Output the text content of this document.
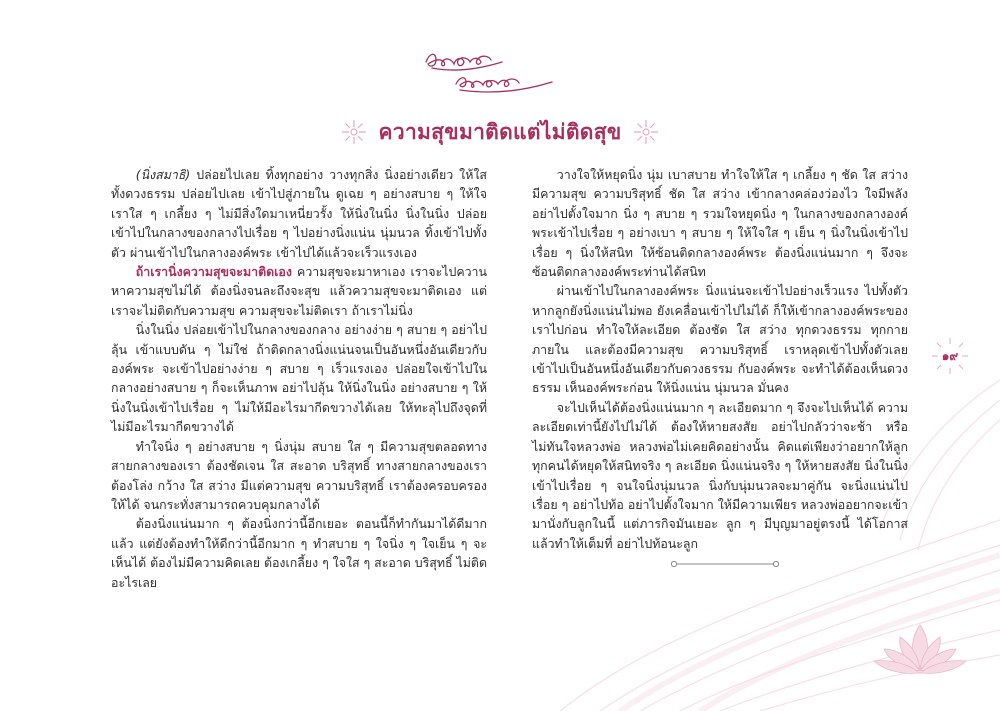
ความสุขมาติดแต่ไม่ติดสุข

(นิ่งสมาธิ) ปล่อยไปเลย ทิ้งทุกอย่าง วางทุกสิ่ง นิ่งอย่างเดียว ให้ใสทั้งดวงธรรม ปล่อยไปเลย เข้าไปสู่ภายใน ดูเฉย ๆ อย่างสบาย ๆ ให้ใจเราใส ๆ เกลี้ยง ๆ ไม่มีสิ่งใดมาเหนี่ยวรั้ง ให้นิ่งในนิ่ง นิ่งในนิ่ง ปล่อยเข้าไปในกลางของกลางไปเรื่อย ๆ ไปอย่างนิ่งแน่น นุ่มนวล ทิ้งเข้าไปทั้งตัว ผ่านเข้าไปในกลางองค์พระ เข้าไปได้แล้วจะเร็วแรงเอง

ถ้าเรานิ่งความสุขจะมาติดเอง ความสุขจะมาหาเอง เราจะไปควานหาความสุขไม่ได้ ต้องนิ่งจนละถึงจะสุข แล้วความสุขจะมาติดเอง แต่เราจะไม่ติดกับความสุข ความสุขจะไม่ติดเรา ถ้าเราไม่นิ่ง

นิ่งในนิ่ง ปล่อยเข้าไปในกลางของกลาง อย่างง่าย ๆ สบาย ๆ อย่าไปลุ้น เข้าแบบดัน ๆ ไม่ใช่ ถ้าติดกลางนิ่งแน่นจนเป็นอันหนึ่งอันเดียวกับองค์พระ จะเข้าไปอย่างง่าย ๆ สบาย ๆ เร็วแรงเอง ปล่อยใจเข้าไปในกลางอย่างสบาย ๆ ก็จะเห็นภาพ อย่าไปลุ้น ให้นิ่งในนิ่ง อย่างสบาย ๆ ให้นิ่งในนิ่งเข้าไปเรื่อย ๆ ไม่ให้มีอะไรมากีดขวางได้เลย ให้ทะลุไปถึงจุดที่ไม่มีอะไรมากีดขวางได้

ทำใจนิ่ง ๆ อย่างสบาย ๆ นิ่งนุ่ม สบาย ใส ๆ มีความสุขตลอดทางสายกลางของเรา ต้องชัดเจน ใส สะอาด บริสุทธิ์ ทางสายกลางของเราต้องโล่ง กว้าง ใส สว่าง มีแต่ความสุข ความบริสุทธิ์ เราต้องครอบครองให้ได้ จนกระทั่งสามารถควบคุมกลางได้

ต้องนิ่งแน่นมาก ๆ ต้องนิ่งกว่านี้อีกเยอะ ตอนนี้ก็ทำกันมาได้ดีมากแล้ว แต่ยังต้องทำให้ดีกว่านี้อีกมาก ๆ ทำสบาย ๆ ใจนิ่ง ๆ ใจเย็น ๆ จะเห็นได้ ต้องไม่มีความคิดเลย ต้องเกลี้ยง ๆ ใจใส ๆ สะอาด บริสุทธิ์ ไม่ติดอะไรเลย

วางใจให้หยุดนิ่ง นุ่ม เบาสบาย ทำใจให้ใส ๆ เกลี้ยง ๆ ชัด ใส สว่าง มีความสุข ความบริสุทธิ์ ชัด ใส สว่าง เข้ากลางคล่องว่องไว ใจมีพลัง อย่าไปตั้งใจมาก นิ่ง ๆ สบาย ๆ รวมใจหยุดนิ่ง ๆ ในกลางของกลางองค์พระเข้าไปเรื่อย ๆ อย่างเบา ๆ สบาย ๆ ให้ใจใส ๆ เย็น ๆ นิ่งในนิ่งเข้าไปเรื่อย ๆ นิ่งให้สนิท ให้ซ้อนติดกลางองค์พระ ต้องนิ่งแน่นมาก ๆ จึงจะซ้อนติดกลางองค์พระท่านได้สนิท

ผ่านเข้าไปในกลางองค์พระ นิ่งแน่นจะเข้าไปอย่างเร็วแรง ไปทั้งตัว หากลูกยังนิ่งแน่นไม่พอ ยังเคลื่อนเข้าไปไม่ได้ ก็ให้เข้ากลางองค์พระของเราไปก่อน ทำใจให้ละเอียด ต้องชัด ใส สว่าง ทุกดวงธรรม ทุกกายภายใน และต้องมีความสุข ความบริสุทธิ์ เราหลุดเข้าไปทั้งตัวเลย เข้าไปเป็นอันหนึ่งอันเดียวกับดวงธรรม กับองค์พระ จะทำได้ต้องเห็นดวงธรรม เห็นองค์พระก่อน ให้นิ่งแน่น นุ่มนวล มั่นคง

จะไปเห็นได้ต้องนิ่งแน่นมาก ๆ ละเอียดมาก ๆ จึงจะไปเห็นได้ ความละเอียดเท่านี้ยังไปไม่ได้ ต้องให้หายสงสัย อย่าไปกลัวว่าจะช้า หรือไม่ทันใจหลวงพ่อ หลวงพ่อไม่เคยคิดอย่างนั้น คิดแต่เพียงว่าอยากให้ลูกทุกคนได้หยุดให้สนิทจริง ๆ ละเอียด นิ่งแน่นจริง ๆ ให้หายสงสัย นิ่งในนิ่งเข้าไปเรื่อย ๆ จนใจนิ่งนุ่มนวล นิ่งกับนุ่มนวลจะมาคู่กัน จะนิ่งแน่นไปเรื่อย ๆ อย่าไปท้อ อย่าไปตั้งใจมาก ให้มีความเพียร หลวงพ่ออยากจะเข้ามานั่งกับลูกในนี้ แต่ภารกิจมันเยอะ ลูก ๆ มีบุญมาอยู่ตรงนี้ ได้โอกาสแล้วทำให้เต็มที่ อย่าไปท้อนะลูก

๑๙
